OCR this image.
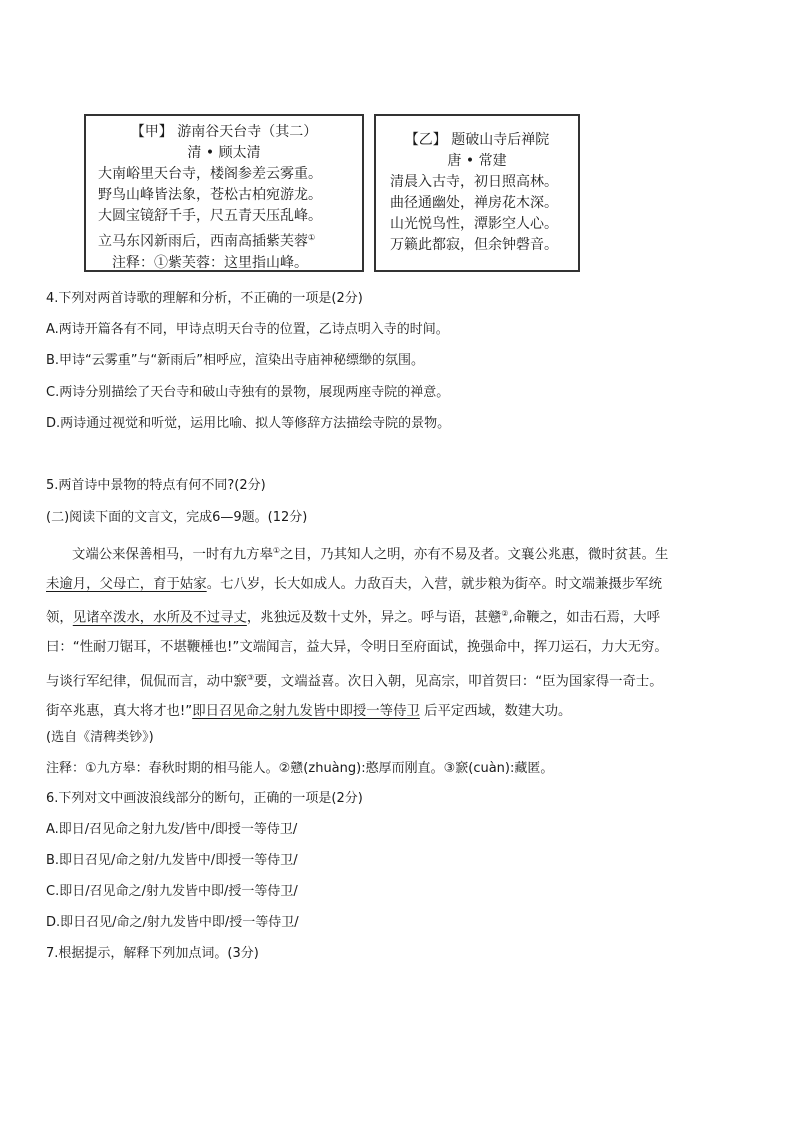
【甲】 游南谷天台寺（其二）
清 • 顾太清
大南峪里天台寺，楼阁参差云雾重。
野鸟山峰皆法象，苍松古柏宛游龙。
大圆宝镜舒千手，尺五青天压乱峰。
立马东冈新雨后，西南高插紫芙蓉①
注释：①紫芙蓉：这里指山峰。
【乙】 题破山寺后禅院
唐 • 常建
清晨入古寺，初日照高林。
曲径通幽处，禅房花木深。
山光悦鸟性，潭影空人心。
万籁此都寂，但余钟磬音。
4.下列对两首诗歌的理解和分析，不正确的一项是(2分)
A.两诗开篇各有不同，甲诗点明天台寺的位置，乙诗点明入寺的时间。
B.甲诗“云雾重”与“新雨后”相呼应，渲染出寺庙神秘缥缈的氛围。
C.两诗分别描绘了天台寺和破山寺独有的景物，展现两座寺院的禅意。
D.两诗通过视觉和听觉，运用比喻、拟人等修辞方法描绘寺院的景物。
5.两首诗中景物的特点有何不同?(2分)
(二)阅读下面的文言文，完成6—9题。(12分)
文端公来保善相马，一时有九方皋①之目，乃其知人之明，亦有不易及者。文襄公兆惠，微时贫甚。生
未逾月，父母亡，育于姑家。七八岁，长大如成人。力敌百夫，入营，就步粮为街卒。时文端兼摄步军统
领，见诸卒泼水，水所及不过寻丈，兆独远及数十丈外，异之。呼与语，甚戆②,命鞭之，如击石焉，大呼
曰：“性耐刀锯耳，不堪鞭棰也!”文端闻言，益大异，令明日至府面试，挽强命中，挥刀运石，力大无穷。
与谈行军纪律，侃侃而言，动中窾③要，文端益喜。次日入朝，见高宗，叩首贺曰：“臣为国家得一奇士。
街卒兆惠，真大将才也!”即日召见命之射九发皆中即授一等侍卫 后平定西域，数建大功。
(选自《清稗类钞》)
注释：①九方皋：春秋时期的相马能人。②戆(zhuàng):憨厚而刚直。③窾(cuàn):藏匿。
6.下列对文中画波浪线部分的断句，正确的一项是(2分)
A.即日/召见命之射九发/皆中/即授一等侍卫/
B.即日召见/命之射/九发皆中/即授一等侍卫/
C.即日/召见命之/射九发皆中即/授一等侍卫/
D.即日召见/命之/射九发皆中即/授一等侍卫/
7.根据提示，解释下列加点词。(3分)
